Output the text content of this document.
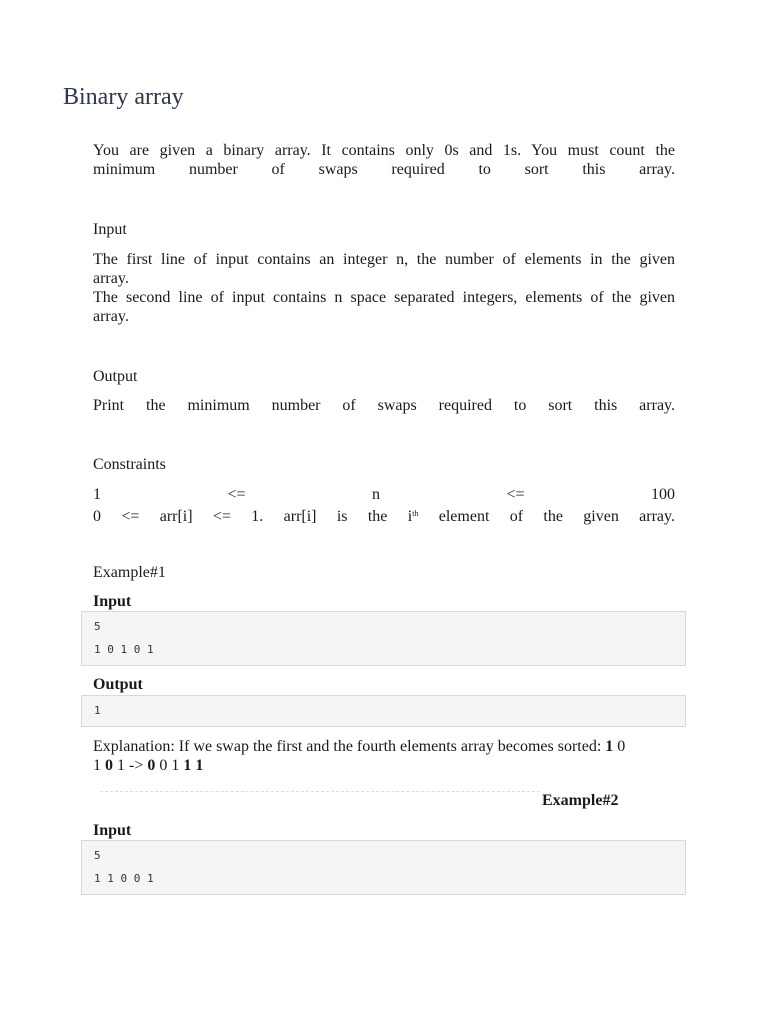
Binary array

You are given a binary array. It contains only 0s and 1s. You must count the
minimum number of swaps required to sort this array.

Input

The first line of input contains an integer n, the number of elements in the given
array.
The second line of input contains n space separated integers, elements of the given
array.

Output

Print the minimum number of swaps required to sort this array.

Constraints

1 <= n <= 100
0 <= arr[i] <= 1. arr[i] is the $i^{th}$ element of the given array.

Example#1
Input
5
1 0 1 0 1
Output
1

Explanation: If we swap the first and the fourth elements array becomes sorted: 1 0
1 0 1 -> 0 0 1 1 1

Example#2
Input
5
1 1 0 0 1
